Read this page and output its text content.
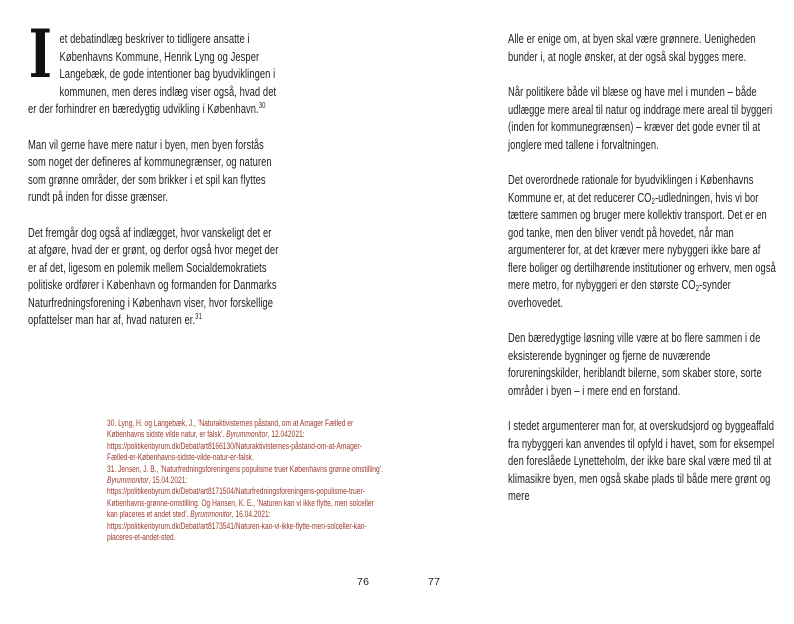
I et debatindlæg beskriver to tidligere ansatte i Københavns Kommune, Henrik Lyng og Jesper Langebæk, de gode intentioner bag byudviklingen i kommunen, men deres indlæg viser også, hvad det er der forhindrer en bæredygtig udvikling i København.$^{30}$

Man vil gerne have mere natur i byen, men byen forstås som noget der defineres af kommunegrænser, og naturen som grønne områder, der som brikker i et spil kan flyttes rundt på inden for disse grænser.

Det fremgår dog også af indlægget, hvor vanskeligt det er at afgøre, hvad der er grønt, og derfor også hvor meget der er af det, ligesom en polemik mellem Socialdemokratiets politiske ordfører i København og formanden for Danmarks Naturfredningsforening i København viser, hvor forskellige opfattelser man har af, hvad naturen er.$^{31}$

30. Lyng, H. og Langebæk, J., ’Naturaktivisternes påstand, om at Amager Fælled er Københavns sidste vilde natur, er falsk’. Byrummonitor, 12.042021: https://politikenbyrum.dk/Debat/art8166130/Naturaktivisternes-påstand-om-at-Amager-Fælled-er-Københavns-sidste-vilde-natur-er-falsk.

31. Jensen, J. B., ’Naturfredningsforeningens populisme truer Københavns grønne omstilling’. Byrummonitor, 15.04.2021: https://politikenbyrum.dk/Debat/art8171504/Naturfredningsforeningens-populisme-truer-Københavns-grønne-omstilling. Og Hansen, K. E., ’Naturen kan vi ikke flytte, men solceller kan placeres et andet sted’. Byrummonitor, 16.04.2021: https://politikenbyrum.dk/Debat/art8173541/Naturen-kan-vi-ikke-flytte-men-solceller-kan-placeres-et-andet-sted.

76

Alle er enige om, at byen skal være grønnere. Uenigheden bunder i, at nogle ønsker, at der også skal bygges mere.

Når politikere både vil blæse og have mel i munden – både udlægge mere areal til natur og inddrage mere areal til byggeri (inden for kommunegrænsen) – kræver det gode evner til at jonglere med tallene i forvaltningen.

Det overordnede rationale for byudviklingen i Københavns Kommune er, at det reducerer $CO_2$-udledningen, hvis vi bor tættere sammen og bruger mere kollektiv transport. Det er en god tanke, men den bliver vendt på hovedet, når man argumenterer for, at det kræver mere nybyggeri ikke bare af flere boliger og dertilhørende institutioner og erhverv, men også mere metro, for nybyggeri er den største $CO_2$-synder overhovedet.

Den bæredygtige løsning ville være at bo flere sammen i de eksisterende bygninger og fjerne de nuværende forureningskilder, heriblandt bilerne, som skaber store, sorte områder i byen – i mere end en forstand.

I stedet argumenterer man for, at overskudsjord og byggeaffald fra nybyggeri kan anvendes til opfyld i havet, som for eksempel den foreslåede Lynetteholm, der ikke bare skal være med til at klimasikre byen, men også skabe plads til både mere grønt og mere

77
